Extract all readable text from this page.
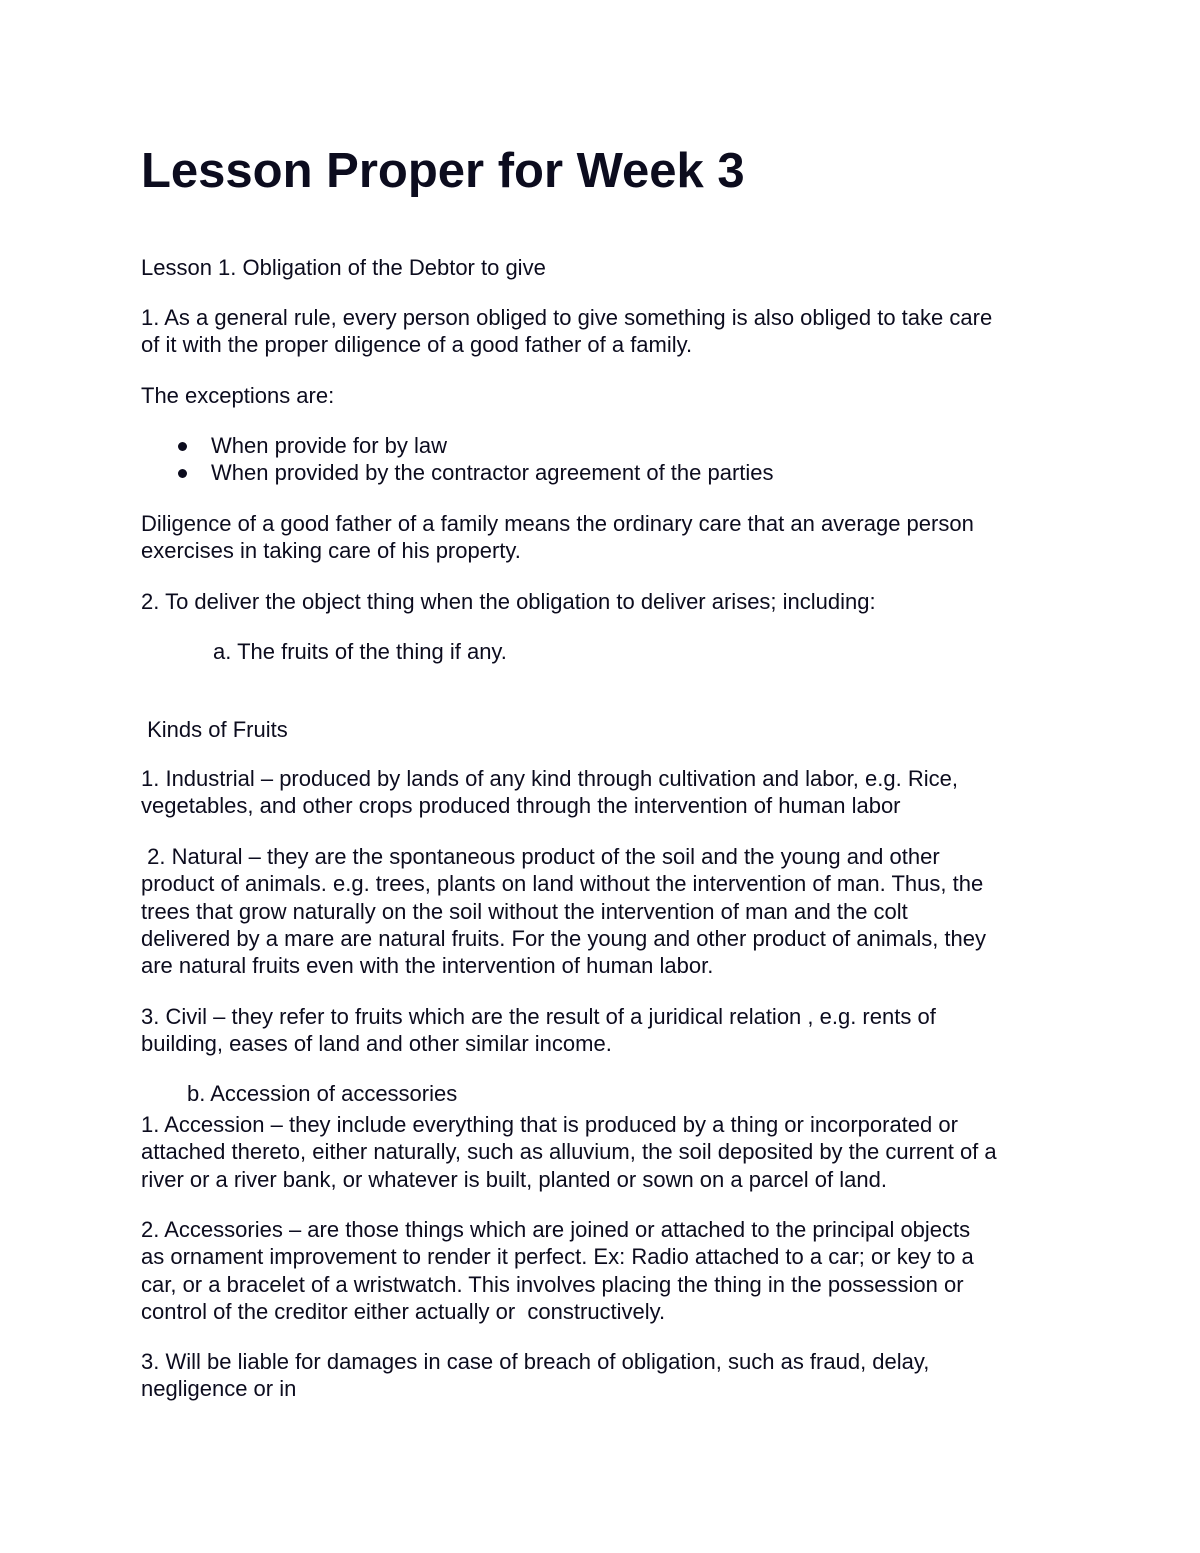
Lesson Proper for Week 3

Lesson 1. Obligation of the Debtor to give

1. As a general rule, every person obliged to give something is also obliged to take care
of it with the proper diligence of a good father of a family.

The exceptions are:

When provide for by law
When provided by the contractor agreement of the parties
Diligence of a good father of a family means the ordinary care that an average person
exercises in taking care of his property.

2. To deliver the object thing when the obligation to deliver arises; including:

a. The fruits of the thing if any.

Kinds of Fruits

1. Industrial – produced by lands of any kind through cultivation and labor, e.g. Rice,
vegetables, and other crops produced through the intervention of human labor
2. Natural – they are the spontaneous product of the soil and the young and other
product of animals. e.g. trees, plants on land without the intervention of man. Thus, the
trees that grow naturally on the soil without the intervention of man and the colt
delivered by a mare are natural fruits. For the young and other product of animals, they
are natural fruits even with the intervention of human labor.
3. Civil – they refer to fruits which are the result of a juridical relation , e.g. rents of
building, eases of land and other similar income.

b. Accession of accessories

1. Accession – they include everything that is produced by a thing or incorporated or
attached thereto, either naturally, such as alluvium, the soil deposited by the current of a
river or a river bank, or whatever is built, planted or sown on a parcel of land.
2. Accessories – are those things which are joined or attached to the principal objects
as ornament improvement to render it perfect. Ex: Radio attached to a car; or key to a
car, or a bracelet of a wristwatch. This involves placing the thing in the possession or
control of the creditor either actually or  constructively.
3. Will be liable for damages in case of breach of obligation, such as fraud, delay,
negligence or in
